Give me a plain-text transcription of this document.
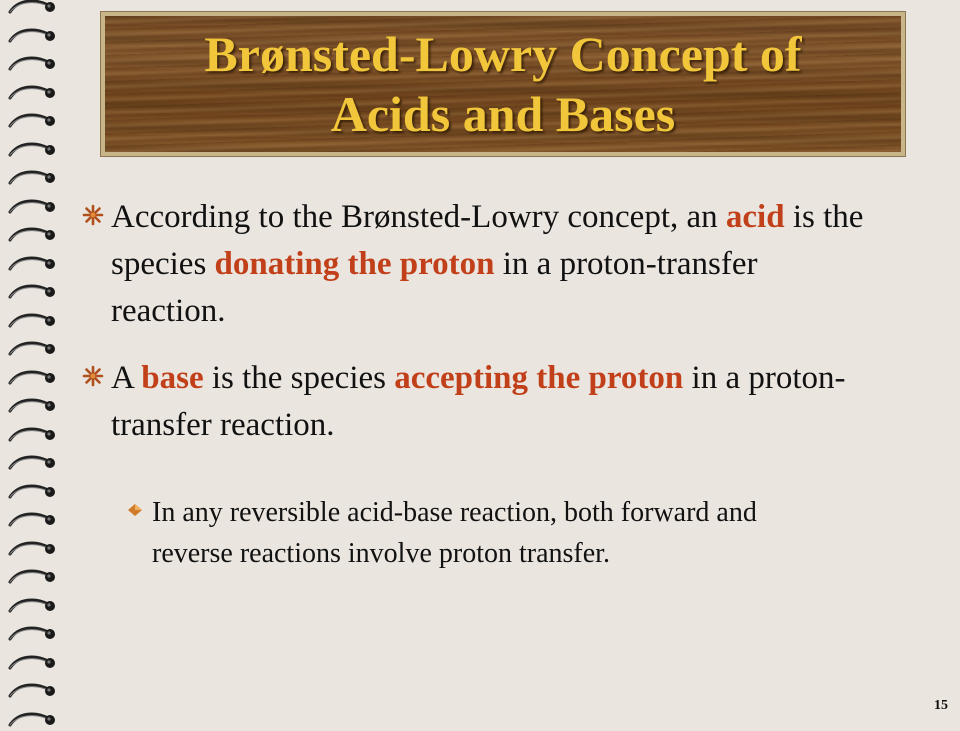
Brønsted-Lowry Concept of Acids and Bases
According to the Brønsted-Lowry concept, an acid is the species donating the proton in a proton-transfer reaction.
A base is the species accepting the proton in a proton-transfer reaction.
In any reversible acid-base reaction, both forward and reverse reactions involve proton transfer.
15
